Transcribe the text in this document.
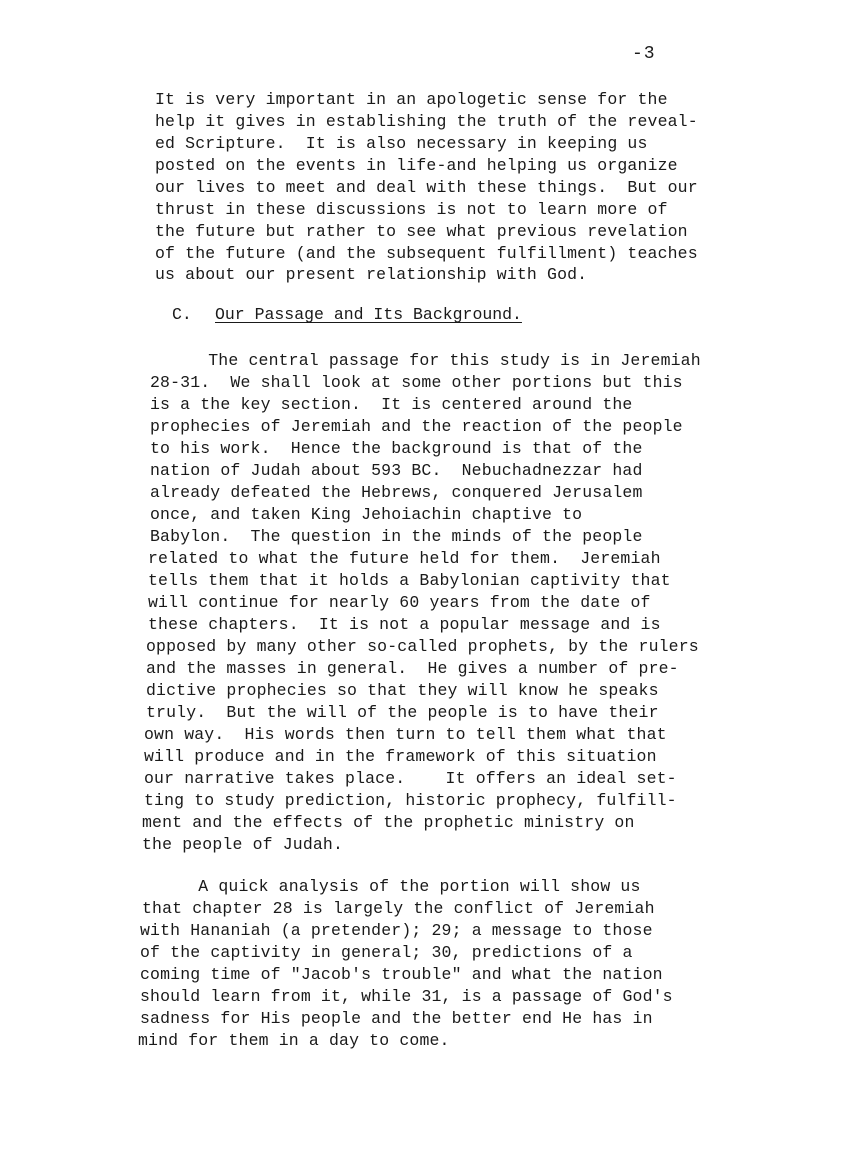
-3
It is very important in an apologetic sense for the
help it gives in establishing the truth of the reveal-
ed Scripture.  It is also necessary in keeping us
posted on the events in life-and helping us organize
our lives to meet and deal with these things.  But our
thrust in these discussions is not to learn more of
the future but rather to see what previous revelation
of the future (and the subsequent fulfillment) teaches
us about our present relationship with God.
C. Our Passage and Its Background.
The central passage for this study is in Jeremiah
28-31.  We shall look at some other portions but this
is a the key section.  It is centered around the
prophecies of Jeremiah and the reaction of the people
to his work.  Hence the background is that of the
nation of Judah about 593 BC.  Nebuchadnezzar had
already defeated the Hebrews, conquered Jerusalem
once, and taken King Jehoiachin chaptive to
Babylon.  The question in the minds of the people
related to what the future held for them.  Jeremiah
tells them that it holds a Babylonian captivity that
will continue for nearly 60 years from the date of
these chapters.  It is not a popular message and is
opposed by many other so-called prophets, by the rulers
and the masses in general.  He gives a number of pre-
dictive prophecies so that they will know he speaks
truly.  But the will of the people is to have their
own way.  His words then turn to tell them what that
will produce and in the framework of this situation
our narrative takes place.    It offers an ideal set-
ting to study prediction, historic prophecy, fulfill-
ment and the effects of the prophetic ministry on
the people of Judah.
A quick analysis of the portion will show us
that chapter 28 is largely the conflict of Jeremiah
with Hananiah (a pretender); 29; a message to those
of the captivity in general; 30, predictions of a
coming time of "Jacob's trouble" and what the nation
should learn from it, while 31, is a passage of God's
sadness for His people and the better end He has in
mind for them in a day to come.
